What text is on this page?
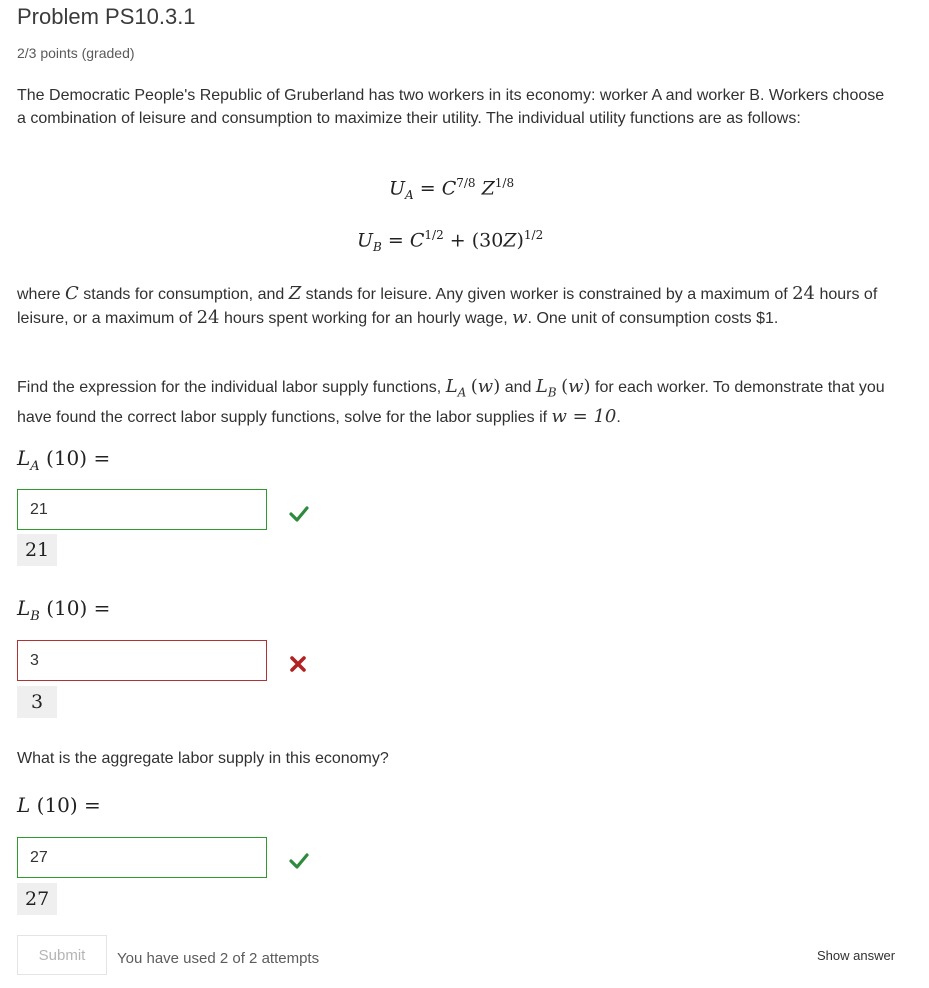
Problem PS10.3.1
2/3 points (graded)

The Democratic People's Republic of Gruberland has two workers in its economy: worker A and worker B. Workers choose a combination of leisure and consumption to maximize their utility. The individual utility functions are as follows:

$U_A = C^{7/8}$ $Z^{1/8}$
$U_B = C^{1/2} + (30Z)^{1/2}$

where C stands for consumption, and Z stands for leisure. Any given worker is constrained by a maximum of 24 hours of leisure, or a maximum of 24 hours spent working for an hourly wage, w. One unit of consumption costs $1.

Find the expression for the individual labor supply functions, $L_A$ (w) and $L_B$ (w) for each worker. To demonstrate that you have found the correct labor supply functions, solve for the labor supplies if w = 10.

$L_A$ (10) =
21
21
$L_B$ (10) =
3
3
What is the aggregate labor supply in this economy?
L (10) =
27
27
Submit	You have used 2 of 2 attempts	Show answer
